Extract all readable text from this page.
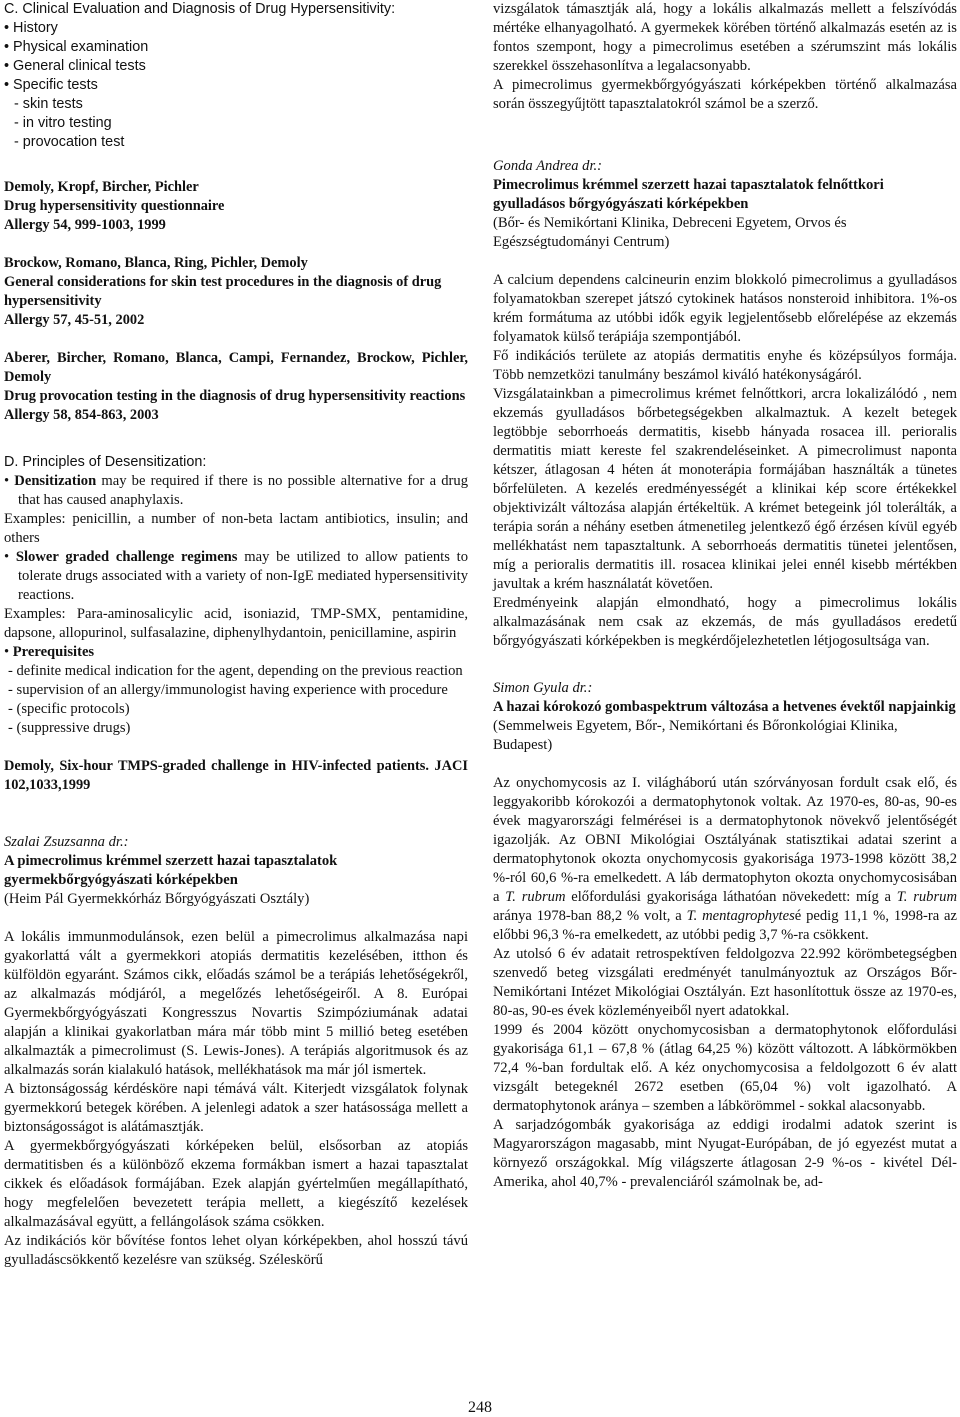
C. Clinical Evaluation and Diagnosis of Drug Hypersensitivity:

• History

• Physical examination

• General clinical tests

• Specific tests

- skin tests

- in vitro testing

- provocation test

Demoly, Kropf, Bircher, Pichler

Drug hypersensitivity questionnaire

Allergy 54, 999-1003, 1999

Brockow, Romano, Blanca, Ring, Pichler, Demoly

General considerations for skin test procedures in the diagnosis of drug hypersensitivity

Allergy 57, 45-51, 2002

Aberer, Bircher, Romano, Blanca, Campi, Fernandez, Brockow, Pichler, Demoly

Drug provocation testing in the diagnosis of drug hypersensitivity reactions

Allergy 58, 854-863, 2003

D. Principles of Desensitization:

• Densitization may be required if there is no possible alternative for a drug that has caused anaphylaxis.

Examples: penicillin, a number of non-beta lactam antibiotics, insulin; and others

• Slower graded challenge regimens may be utilized to allow patients to tolerate drugs associated with a variety of non-IgE mediated hypersensitivity reactions.

Examples: Para-aminosalicylic acid, isoniazid, TMP-SMX, pentamidine, dapsone, allopurinol, sulfasalazine, diphenylhydantoin, penicillamine, aspirin

• Prerequisites

- definite medical indication for the agent, depending on the previous reaction

- supervision of an allergy/immunologist having experience with procedure

- (specific protocols)

- (suppressive drugs)

Demoly, Six-hour TMPS-graded challenge in HIV-infected patients. JACI 102,1033,1999

Szalai Zsuzsanna dr.:

A pimecrolimus krémmel szerzett hazai tapasztalatok gyermekbőrgyógyászati kórképekben

(Heim Pál Gyermekkórház Bőrgyógyászati Osztály)

A lokális immunmodulánsok, ezen belül a pimecrolimus alkalmazása napi gyakorlattá vált a gyermekkori atopiás dermatitis kezelésében, itthon és külföldön egyaránt. Számos cikk, előadás számol be a terápiás lehetőségekről, az alkalmazás módjáról, a megelőzés lehetőségeiről. A 8. Európai Gyermekbőrgyógyászati Kongresszus Novartis Szimpóziumának adatai alapján a klinikai gyakorlatban mára már több mint 5 millió beteg esetében alkalmazták a pimecrolimust (S. Lewis-Jones). A terápiás algoritmusok és az alkalmazás során kialakuló hatások, mellékhatások ma már jól ismertek.

A biztonságosság kérdésköre napi témává vált. Kiterjedt vizsgálatok folynak gyermekkorú betegek körében. A jelenlegi adatok a szer hatásossága mellett a biztonságosságot is alátámasztják.

A gyermekbőrgyógyászati kórképeken belül, elsősorban az atopiás dermatitisben és a különböző ekzema formákban ismert a hazai tapasztalat cikkek és előadások formájában. Ezek alapján gyértelműen megállapítható, hogy megfelelően bevezetett terápia mellett, a kiegészítő kezelések alkalmazásával együtt, a fellángolások száma csökken.

Az indikációs kör bővítése fontos lehet olyan kórképekben, ahol hosszú távú gyulladáscsökkentő kezelésre van szükség. Széleskörű

vizsgálatok támasztják alá, hogy a lokális alkalmazás mellett a felszívódás mértéke elhanyagolható. A gyermekek körében történő alkalmazás esetén az is fontos szempont, hogy a pimecrolimus esetében a szérumszint más lokális szerekkel összehasonlítva a legalacsonyabb.

A pimecrolimus gyermekbőrgyógyászati kórképekben történő alkalmazása során összegyűjtött tapasztalatokról számol be a szerző.

Gonda Andrea dr.:

Pimecrolimus krémmel szerzett hazai tapasztalatok felnőttkori gyulladásos bőrgyógyászati kórképekben

(Bőr- és Nemikórtani Klinika, Debreceni Egyetem, Orvos és Egészségtudományi Centrum)

A calcium dependens calcineurin enzim blokkoló pimecrolimus a gyulladásos folyamatokban szerepet játszó cytokinek hatásos nonsteroid inhibitora. 1%-os krém formátuma az utóbbi idők egyik legjelentősebb előrelépése az ekzemás folyamatok külső terápiája szempontjából.

Fő indikációs területe az atopiás dermatitis enyhe és középsúlyos formája. Több nemzetközi tanulmány beszámol kiváló hatékonyságáról.

Vizsgálatainkban a pimecrolimus krémet felnőttkori, arcra lokalizálódó , nem ekzemás gyulladásos bőrbetegségekben alkalmaztuk. A kezelt betegek legtöbbje seborrhoeás dermatitis, kisebb hányada rosacea ill. perioralis dermatitis miatt kereste fel szakrendeléseinket. A pimecrolimust naponta kétszer, átlagosan 4 héten át monoterápia formájában használták a tünetes bőrfelületen. A kezelés eredményességét a klinikai kép score értékekkel objektivizált változása alapján értékeltük. A krémet betegeink jól tolerálták, a terápia során a néhány esetben átmenetileg jelentkező égő érzésen kívül egyéb mellékhatást nem tapasztaltunk. A seborrhoeás dermatitis tünetei jelentősen, míg a perioralis dermatitis ill. rosacea klinikai jelei ennél kisebb mértékben javultak a krém használatát követően.

Eredményeink alapján elmondható, hogy a pimecrolimus lokális alkalmazásának nem csak az ekzemás, de más gyulladásos eredetű bőrgyógyászati kórképekben is megkérdőjelezhetetlen létjogosultsága van.

Simon Gyula dr.:

A hazai kórokozó gombaspektrum változása a hetvenes évektől napjainkig

(Semmelweis Egyetem, Bőr-, Nemikórtani és Bőronkológiai Klinika, Budapest)

Az onychomycosis az I. világháború után szórványosan fordult csak elő, és leggyakoribb kórokozói a dermatophytonok voltak. Az 1970-es, 80-as, 90-es évek magyarországi felmérései is a dermatophytonok növekvő jelentőségét igazolják. Az OBNI Mikológiai Osztályának statisztikai adatai szerint a dermatophytonok okozta onychomycosis gyakorisága 1973-1998 között 38,2 %-ról 60,6 %-ra emelkedett. A láb dermatophyton okozta onychomycosisában a T. rubrum előfordulási gyakorisága láthatóan növekedett: míg a T. rubrum aránya 1978-ban 88,2 % volt, a T. mentagrophytesé pedig 11,1 %, 1998-ra az előbbi 96,3 %-ra emelkedett, az utóbbi pedig 3,7 %-ra csökkent.

Az utolsó 6 év adatait retrospektíven feldolgozva 22.992 körömbetegségben szenvedő beteg vizsgálati eredményét tanulmányoztuk az Országos Bőr-Nemikórtani Intézet Mikológiai Osztályán. Ezt hasonlítottuk össze az 1970-es, 80-as, 90-es évek közleményeiből nyert adatokkal.

1999 és 2004 között onychomycosisban a dermatophytonok előfordulási gyakorisága 61,1 – 67,8 % (átlag 64,25 %) között változott. A lábkörmökben 72,4 %-ban fordultak elő. A kéz onychomycosisa a feldolgozott 6 év alatt vizsgált betegeknél 2672 esetben (65,04 %) volt igazolható. A dermatophytonok aránya – szemben a lábkörömmel - sokkal alacsonyabb.

A sarjadzógombák gyakorisága az eddigi irodalmi adatok szerint is Magyarországon magasabb, mint Nyugat-Európában, de jó egyezést mutat a környező országokkal. Míg világszerte átlagosan 2-9 %-os - kivétel Dél-Amerika, ahol 40,7% - prevalenciáról számolnak be, ad-

248
